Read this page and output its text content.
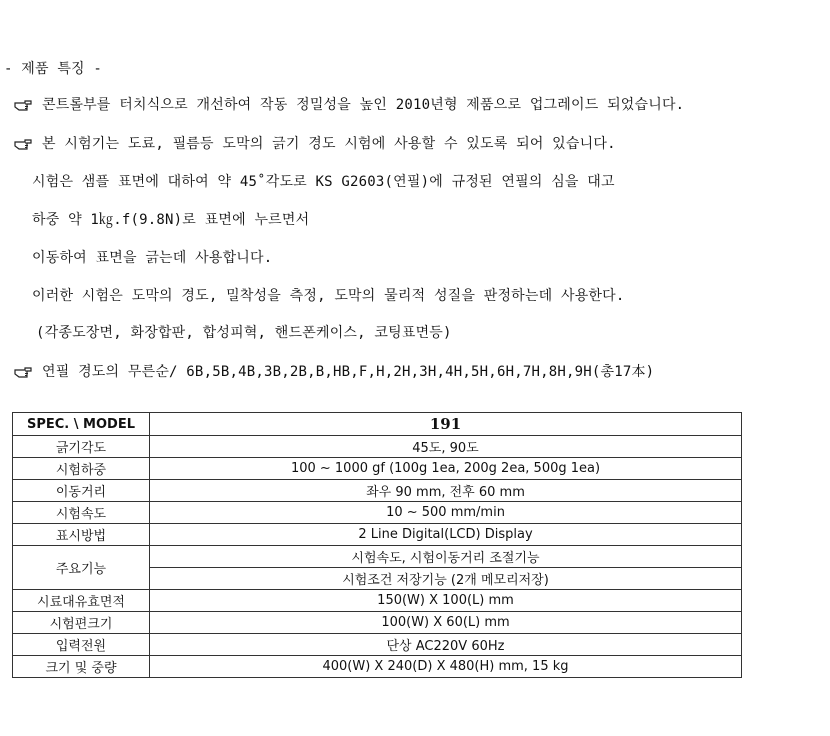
- 제품 특징 -
콘트롤부를 터치식으로 개선하여 작동 정밀성을 높인 2010년형 제품으로 업그레이드 되었습니다.
본 시험기는 도료, 필름등 도막의 긁기 경도 시험에 사용할 수 있도록 되어 있습니다.
시험은 샘플 표면에 대하여 약 45˚각도로 KS G2603(연필)에 규정된 연필의 심을 대고
하중 약 1㎏.f(9.8N)로 표면에 누르면서
이동하여 표면을 긁는데 사용합니다.
이러한 시험은 도막의 경도, 밀착성을 측정, 도막의 물리적 성질을 판정하는데 사용한다.
(각종도장면, 화장합판, 합성피혁, 핸드폰케이스, 코팅표면등)
연필 경도의 무른순/ 6B,5B,4B,3B,2B,B,HB,F,H,2H,3H,4H,5H,6H,7H,8H,9H(총17本)
SPEC. \ MODEL	191
긁기각도	45도, 90도
시험하중	100 ~ 1000 gf (100g 1ea, 200g 2ea, 500g 1ea)
이동거리	좌우 90 mm, 전후 60 mm
시험속도	10 ~ 500 mm/min
표시방법	2 Line Digital(LCD) Display
주요기능	시험속도, 시험이동거리 조절기능
	시험조건 저장기능 (2개 메모리저장)
시료대유효면적	150(W) X 100(L) mm
시험편크기	100(W) X 60(L) mm
입력전원	단상 AC220V 60Hz
크기 및 중량	400(W) X 240(D) X 480(H) mm, 15 kg
